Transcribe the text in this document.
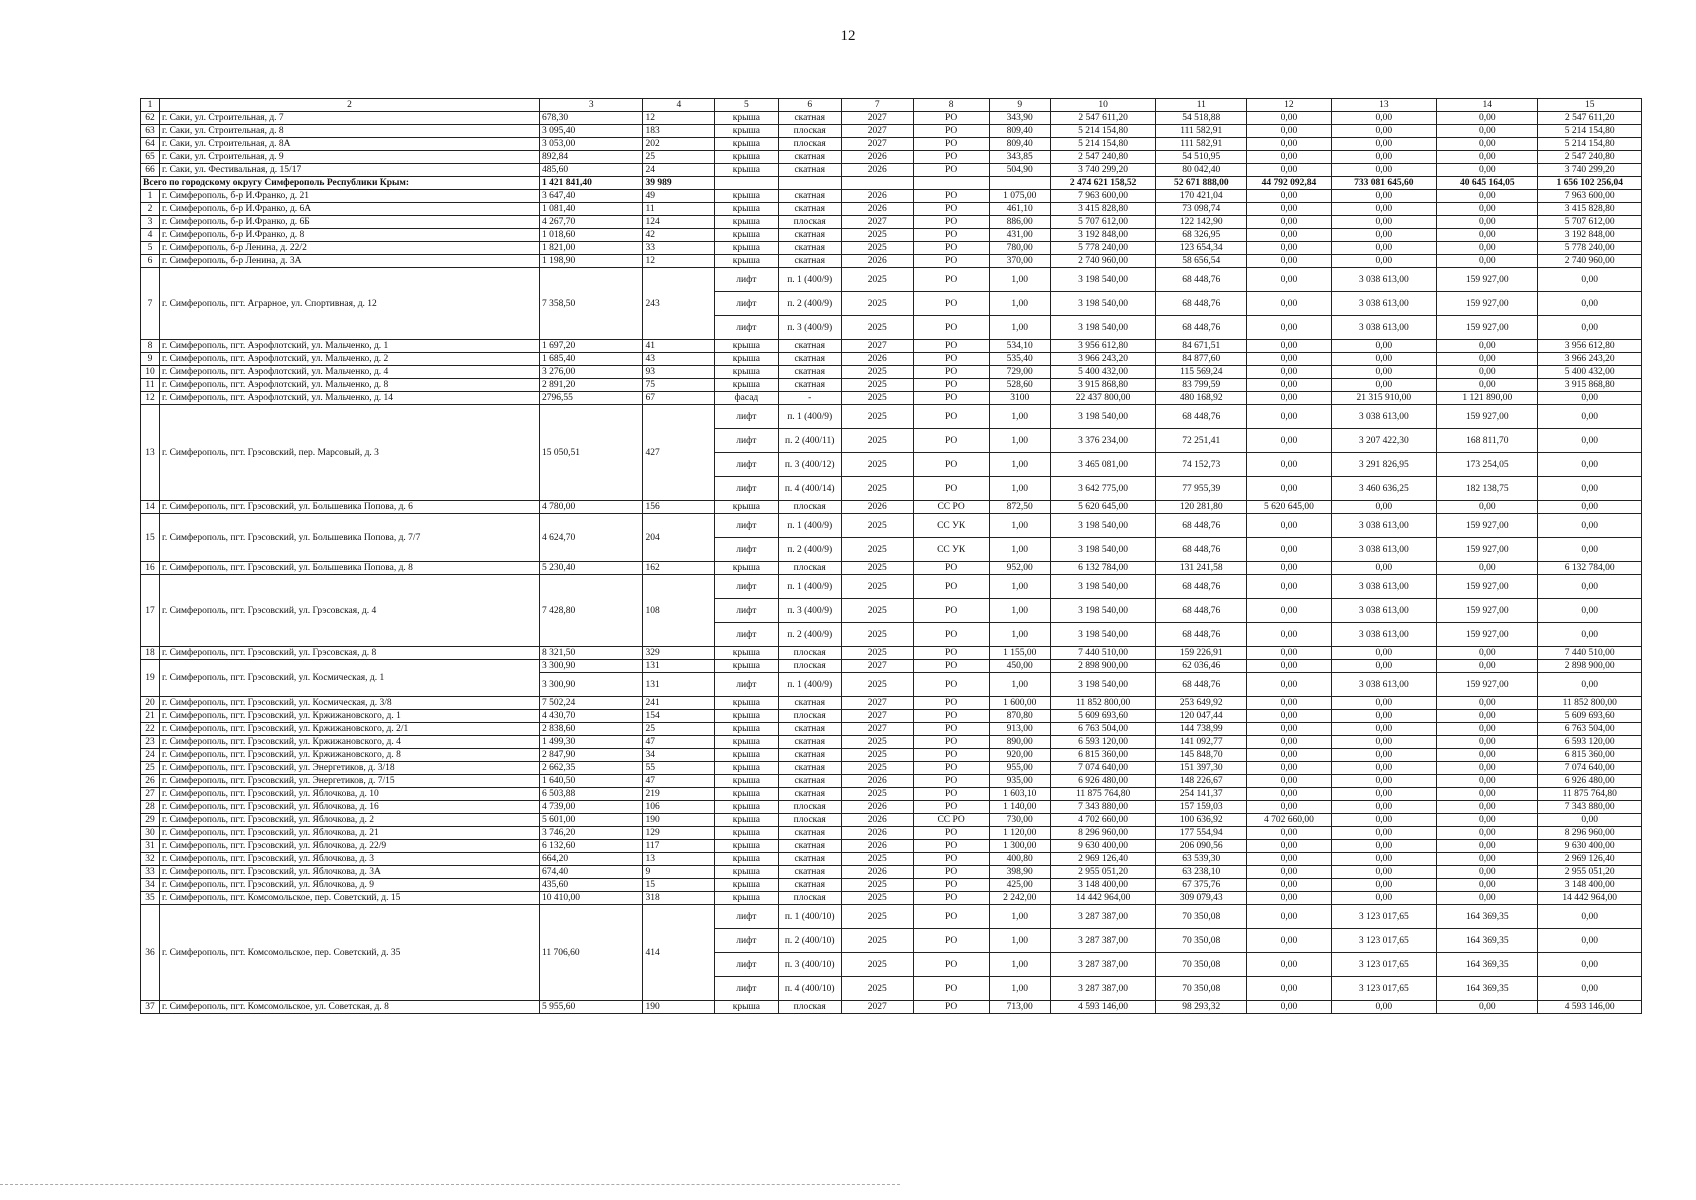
12
1	2	3	4	5	6	7	8	9	10	11	12	13	14	15
62	г. Саки, ул. Строительная, д. 7	678,30	12	крыша	скатная	2027	РО	343,90	2 547 611,20	54 518,88	0,00	0,00	0,00	2 547 611,20
63	г. Саки, ул. Строительная, д. 8	3 095,40	183	крыша	плоская	2027	РО	809,40	5 214 154,80	111 582,91	0,00	0,00	0,00	5 214 154,80
64	г. Саки, ул. Строительная, д. 8А	3 053,00	202	крыша	плоская	2027	РО	809,40	5 214 154,80	111 582,91	0,00	0,00	0,00	5 214 154,80
65	г. Саки, ул. Строительная, д. 9	892,84	25	крыша	скатная	2026	РО	343,85	2 547 240,80	54 510,95	0,00	0,00	0,00	2 547 240,80
66	г. Саки, ул. Фестивальная, д. 15/17	485,60	24	крыша	скатная	2026	РО	504,90	3 740 299,20	80 042,40	0,00	0,00	0,00	3 740 299,20
Всего по городскому округу Симферополь Республики Крым:		1 421 841,40	39 989						2 474 621 158,52	52 671 888,00	44 792 092,84	733 081 645,60	40 645 164,05	1 656 102 256,04
1	г. Симферополь, б-р И.Франко, д. 21	3 647,40	49	крыша	скатная	2026	РО	1 075,00	7 963 600,00	170 421,04	0,00	0,00	0,00	7 963 600,00
2	г. Симферополь, б-р И.Франко, д. 6А	1 081,40	11	крыша	скатная	2026	РО	461,10	3 415 828,80	73 098,74	0,00	0,00	0,00	3 415 828,80
3	г. Симферополь, б-р И.Франко, д. 6Б	4 267,70	124	крыша	плоская	2027	РО	886,00	5 707 612,00	122 142,90	0,00	0,00	0,00	5 707 612,00
4	г. Симферополь, б-р И.Франко, д. 8	1 018,60	42	крыша	скатная	2025	РО	431,00	3 192 848,00	68 326,95	0,00	0,00	0,00	3 192 848,00
5	г. Симферополь, б-р Ленина, д. 22/2	1 821,00	33	крыша	скатная	2025	РО	780,00	5 778 240,00	123 654,34	0,00	0,00	0,00	5 778 240,00
6	г. Симферополь, б-р Ленина, д. 3А	1 198,90	12	крыша	скатная	2026	РО	370,00	2 740 960,00	58 656,54	0,00	0,00	0,00	2 740 960,00
7	г. Симферополь, пгт. Аграрное, ул. Спортивная, д. 12	7 358,50	243	лифт	п. 1 (400/9)	2025	РО	1,00	3 198 540,00	68 448,76	0,00	3 038 613,00	159 927,00	0,00
				лифт	п. 2 (400/9)	2025	РО	1,00	3 198 540,00	68 448,76	0,00	3 038 613,00	159 927,00	0,00
				лифт	п. 3 (400/9)	2025	РО	1,00	3 198 540,00	68 448,76	0,00	3 038 613,00	159 927,00	0,00
8	г. Симферополь, пгт. Аэрофлотский, ул. Мальченко, д. 1	1 697,20	41	крыша	скатная	2027	РО	534,10	3 956 612,80	84 671,51	0,00	0,00	0,00	3 956 612,80
9	г. Симферополь, пгт. Аэрофлотский, ул. Мальченко, д. 2	1 685,40	43	крыша	скатная	2026	РО	535,40	3 966 243,20	84 877,60	0,00	0,00	0,00	3 966 243,20
10	г. Симферополь, пгт. Аэрофлотский, ул. Мальченко, д. 4	3 276,00	93	крыша	скатная	2025	РО	729,00	5 400 432,00	115 569,24	0,00	0,00	0,00	5 400 432,00
11	г. Симферополь, пгт. Аэрофлотский, ул. Мальченко, д. 8	2 891,20	75	крыша	скатная	2025	РО	528,60	3 915 868,80	83 799,59	0,00	0,00	0,00	3 915 868,80
12	г. Симферополь, пгт. Аэрофлотский, ул. Мальченко, д. 14	2796,55	67	фасад	-	2025	РО	3100	22 437 800,00	480 168,92	0,00	21 315 910,00	1 121 890,00	0,00
13	г. Симферополь, пгт. Грэсовский, пер. Марсовый, д. 3	15 050,51	427	лифт	п. 1 (400/9)	2025	РО	1,00	3 198 540,00	68 448,76	0,00	3 038 613,00	159 927,00	0,00
				лифт	п. 2 (400/11)	2025	РО	1,00	3 376 234,00	72 251,41	0,00	3 207 422,30	168 811,70	0,00
				лифт	п. 3 (400/12)	2025	РО	1,00	3 465 081,00	74 152,73	0,00	3 291 826,95	173 254,05	0,00
				лифт	п. 4 (400/14)	2025	РО	1,00	3 642 775,00	77 955,39	0,00	3 460 636,25	182 138,75	0,00
14	г. Симферополь, пгт. Грэсовский, ул. Большевика Попова, д. 6	4 780,00	156	крыша	плоская	2026	СС РО	872,50	5 620 645,00	120 281,80	5 620 645,00	0,00	0,00	0,00
15	г. Симферополь, пгт. Грэсовский, ул. Большевика Попова, д. 7/7	4 624,70	204	лифт	п. 1 (400/9)	2025	СС УК	1,00	3 198 540,00	68 448,76	0,00	3 038 613,00	159 927,00	0,00
				лифт	п. 2 (400/9)	2025	СС УК	1,00	3 198 540,00	68 448,76	0,00	3 038 613,00	159 927,00	0,00
16	г. Симферополь, пгт. Грэсовский, ул. Большевика Попова, д. 8	5 230,40	162	крыша	плоская	2025	РО	952,00	6 132 784,00	131 241,58	0,00	0,00	0,00	6 132 784,00
17	г. Симферополь, пгт. Грэсовский, ул. Грэсовская, д. 4	7 428,80	108	лифт	п. 1 (400/9)	2025	РО	1,00	3 198 540,00	68 448,76	0,00	3 038 613,00	159 927,00	0,00
				лифт	п. 3 (400/9)	2025	РО	1,00	3 198 540,00	68 448,76	0,00	3 038 613,00	159 927,00	0,00
				лифт	п. 2 (400/9)	2025	РО	1,00	3 198 540,00	68 448,76	0,00	3 038 613,00	159 927,00	0,00
18	г. Симферополь, пгт. Грэсовский, ул. Грэсовская, д. 8	8 321,50	329	крыша	плоская	2025	РО	1 155,00	7 440 510,00	159 226,91	0,00	0,00	0,00	7 440 510,00
19	г. Симферополь, пгт. Грэсовский, ул. Космическая, д. 1	3 300,90	131	крыша	плоская	2027	РО	450,00	2 898 900,00	62 036,46	0,00	0,00	0,00	2 898 900,00
		3 300,90	131	лифт	п. 1 (400/9)	2025	РО	1,00	3 198 540,00	68 448,76	0,00	3 038 613,00	159 927,00	0,00
20	г. Симферополь, пгт. Грэсовский, ул. Космическая, д. 3/8	7 502,24	241	крыша	скатная	2027	РО	1 600,00	11 852 800,00	253 649,92	0,00	0,00	0,00	11 852 800,00
21	г. Симферополь, пгт. Грэсовский, ул. Кржижановского, д. 1	4 430,70	154	крыша	плоская	2027	РО	870,80	5 609 693,60	120 047,44	0,00	0,00	0,00	5 609 693,60
22	г. Симферополь, пгт. Грэсовский, ул. Кржижановского, д. 2/1	2 838,60	25	крыша	скатная	2027	РО	913,00	6 763 504,00	144 738,99	0,00	0,00	0,00	6 763 504,00
23	г. Симферополь, пгт. Грэсовский, ул. Кржижановского, д. 4	1 499,30	47	крыша	скатная	2025	РО	890,00	6 593 120,00	141 092,77	0,00	0,00	0,00	6 593 120,00
24	г. Симферополь, пгт. Грэсовский, ул. Кржижановского, д. 8	2 847,90	34	крыша	скатная	2025	РО	920,00	6 815 360,00	145 848,70	0,00	0,00	0,00	6 815 360,00
25	г. Симферополь, пгт. Грэсовский, ул. Энергетиков, д. 3/18	2 662,35	55	крыша	скатная	2025	РО	955,00	7 074 640,00	151 397,30	0,00	0,00	0,00	7 074 640,00
26	г. Симферополь, пгт. Грэсовский, ул. Энергетиков, д. 7/15	1 640,50	47	крыша	скатная	2026	РО	935,00	6 926 480,00	148 226,67	0,00	0,00	0,00	6 926 480,00
27	г. Симферополь, пгт. Грэсовский, ул. Яблочкова, д. 10	6 503,88	219	крыша	скатная	2025	РО	1 603,10	11 875 764,80	254 141,37	0,00	0,00	0,00	11 875 764,80
28	г. Симферополь, пгт. Грэсовский, ул. Яблочкова, д. 16	4 739,00	106	крыша	плоская	2026	РО	1 140,00	7 343 880,00	157 159,03	0,00	0,00	0,00	7 343 880,00
29	г. Симферополь, пгт. Грэсовский, ул. Яблочкова, д. 2	5 601,00	190	крыша	плоская	2026	СС РО	730,00	4 702 660,00	100 636,92	4 702 660,00	0,00	0,00	0,00
30	г. Симферополь, пгт. Грэсовский, ул. Яблочкова, д. 21	3 746,20	129	крыша	скатная	2026	РО	1 120,00	8 296 960,00	177 554,94	0,00	0,00	0,00	8 296 960,00
31	г. Симферополь, пгт. Грэсовский, ул. Яблочкова, д. 22/9	6 132,60	117	крыша	скатная	2026	РО	1 300,00	9 630 400,00	206 090,56	0,00	0,00	0,00	9 630 400,00
32	г. Симферополь, пгт. Грэсовский, ул. Яблочкова, д. 3	664,20	13	крыша	скатная	2025	РО	400,80	2 969 126,40	63 539,30	0,00	0,00	0,00	2 969 126,40
33	г. Симферополь, пгт. Грэсовский, ул. Яблочкова, д. 3А	674,40	9	крыша	скатная	2026	РО	398,90	2 955 051,20	63 238,10	0,00	0,00	0,00	2 955 051,20
34	г. Симферополь, пгт. Грэсовский, ул. Яблочкова, д. 9	435,60	15	крыша	скатная	2025	РО	425,00	3 148 400,00	67 375,76	0,00	0,00	0,00	3 148 400,00
35	г. Симферополь, пгт. Комсомольское, пер. Советский, д. 15	10 410,00	318	крыша	плоская	2025	РО	2 242,00	14 442 964,00	309 079,43	0,00	0,00	0,00	14 442 964,00
36	г. Симферополь, пгт. Комсомольское, пер. Советский, д. 35	11 706,60	414	лифт	п. 1 (400/10)	2025	РО	1,00	3 287 387,00	70 350,08	0,00	3 123 017,65	164 369,35	0,00
				лифт	п. 2 (400/10)	2025	РО	1,00	3 287 387,00	70 350,08	0,00	3 123 017,65	164 369,35	0,00
				лифт	п. 3 (400/10)	2025	РО	1,00	3 287 387,00	70 350,08	0,00	3 123 017,65	164 369,35	0,00
				лифт	п. 4 (400/10)	2025	РО	1,00	3 287 387,00	70 350,08	0,00	3 123 017,65	164 369,35	0,00
37	г. Симферополь, пгт. Комсомольское, ул. Советская, д. 8	5 955,60	190	крыша	плоская	2027	РО	713,00	4 593 146,00	98 293,32	0,00	0,00	0,00	4 593 146,00
